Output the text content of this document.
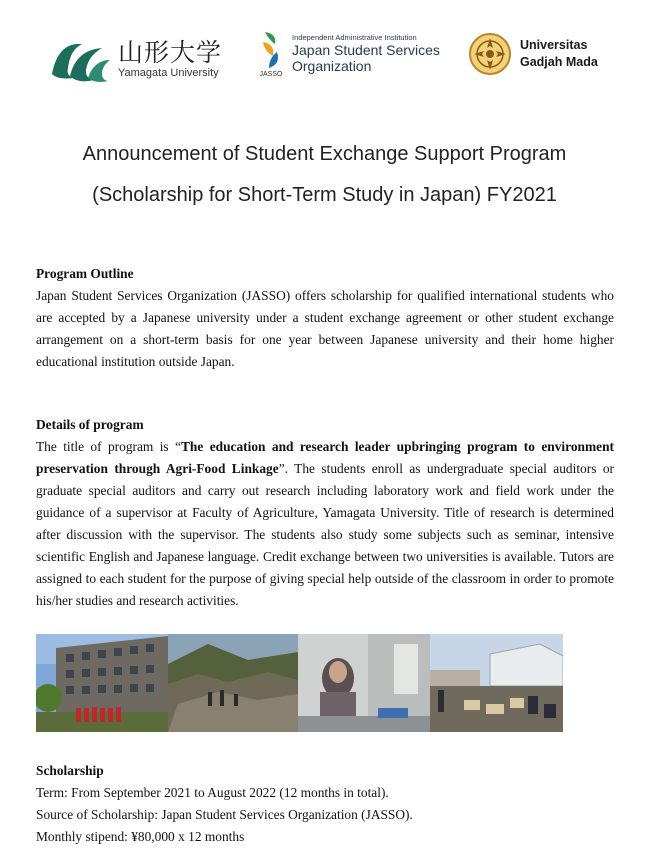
山形大学
Yamagata University	JASSO
Independent Administrative Institution
Japan Student Services
Organization
Universitas
Gadjah Mada
Announcement of Student Exchange Support Program
(Scholarship for Short-Term Study in Japan) FY2021

Program Outline

Japan Student Services Organization (JASSO) offers scholarship for qualified international students who are accepted by a Japanese university under a student exchange agreement or other student exchange arrangement on a short-term basis for one year between Japanese university and their home higher educational institution outside Japan.

Details of program

The title of program is “The education and research leader upbringing program to environment preservation through Agri-Food Linkage”. The students enroll as undergraduate special auditors or graduate special auditors and carry out research including laboratory work and field work under the guidance of a supervisor at Faculty of Agriculture, Yamagata University. Title of research is determined after discussion with the supervisor. The students also study some subjects such as seminar, intensive scientific English and Japanese language. Credit exchange between two universities is available. Tutors are assigned to each student for the purpose of giving special help outside of the classroom in order to promote his/her studies and research activities.

Scholarship

Term: From September 2021 to August 2022 (12 months in total).

Source of Scholarship: Japan Student Services Organization (JASSO).

Monthly stipend: ¥80,000 x 12 months
